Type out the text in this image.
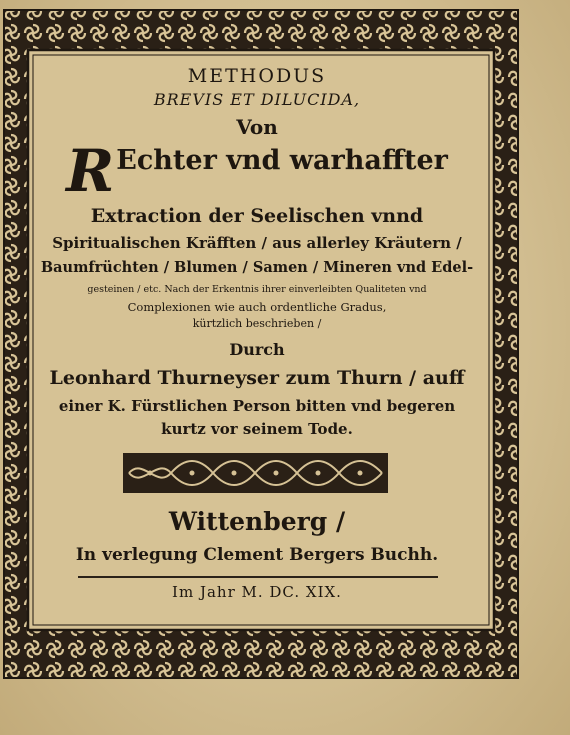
METHODUS
BREVIS ET DILUCIDA,
Von
REchter vnd warhaffter
Extraction der Seelischen vnnd
Spiritualischen Kräfften / aus allerley Kräutern /
Baumfrüchten / Blumen / Samen / Mineren vnd Edel-
gesteinen / etc. Nach der Erkentnis ihrer einverleibten Qualiteten vnd
Complexionen wie auch ordentliche Gradus,
kürtzlich beschrieben /
Durch
Leonhard Thurneyser zum Thurn / auff
einer K. Fürstlichen Person bitten vnd begeren
kurtz vor seinem Tode.
Wittenberg /
In verlegung Clement Bergers Buchh.
Im Jahr M. DC. XIX.
